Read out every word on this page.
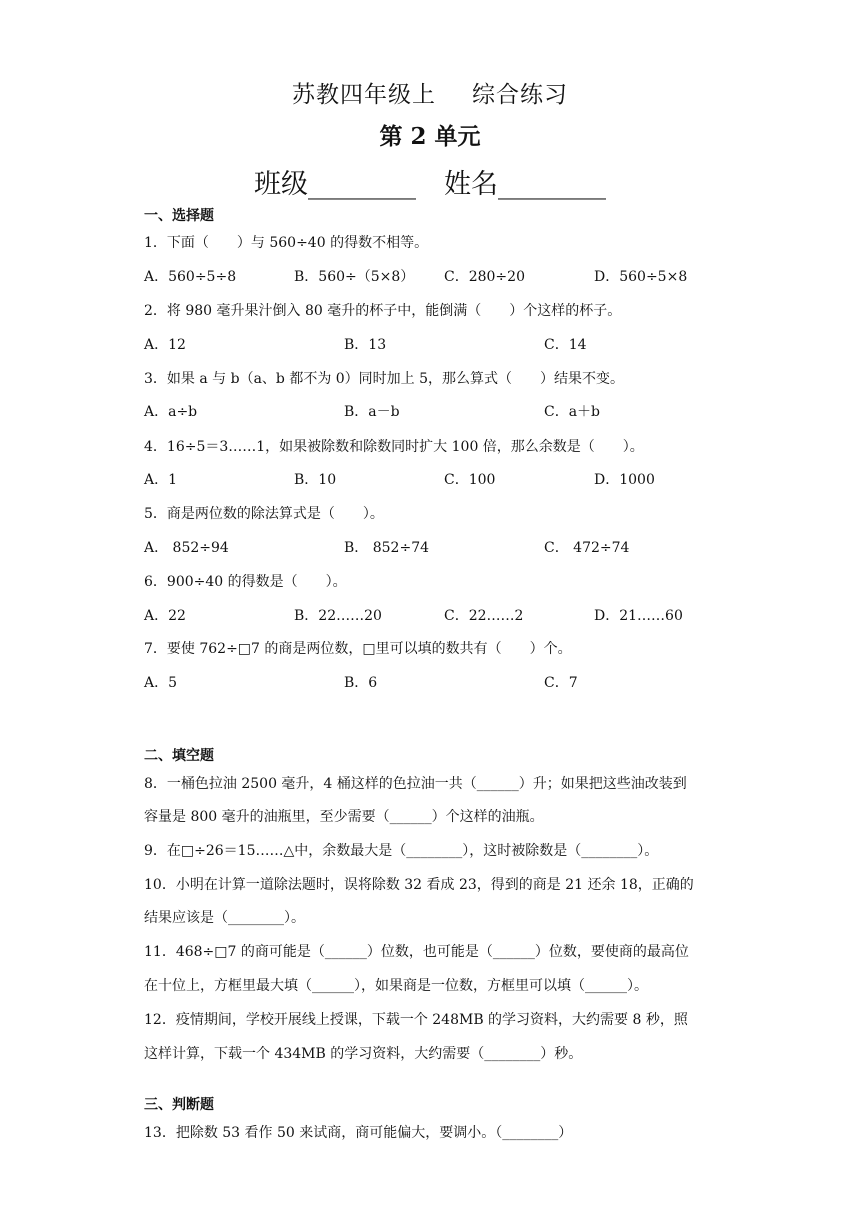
苏教四年级上 综合练习
第 2 单元
班级________ 姓名________
一、选择题
1．下面（　　）与 560÷40 的得数不相等。
A．560÷5÷8	B．560÷（5×8） C．280÷20	D．560÷5×8
2．将 980 毫升果汁倒入 80 毫升的杯子中，能倒满（　　）个这样的杯子。
A．12	B．13	C．14
3．如果 a 与 b（a、b 都不为 0）同时加上 5，那么算式（　　）结果不变。
A．a÷b	B．a－b	C．a＋b
4．16÷5＝3……1，如果被除数和除数同时扩大 100 倍，那么余数是（　　）。
A．1	B．10	C．100	D．1000
5．商是两位数的除法算式是（　　）。
A． 852÷94	B． 852÷74	C． 472÷74
6．900÷40 的得数是（　　）。
A．22	B．22……20	C．22……2	D．21……60
7．要使 762÷□7 的商是两位数，□里可以填的数共有（　　）个。
A．5	B．6	C．7
二、填空题
8．一桶色拉油 2500 毫升，4 桶这样的色拉油一共（______）升；如果把这些油改装到
容量是 800 毫升的油瓶里，至少需要（______）个这样的油瓶。
9．在□÷26＝15……△中，余数最大是（________），这时被除数是（________）。
10．小明在计算一道除法题时，误将除数 32 看成 23，得到的商是 21 还余 18，正确的
结果应该是（________）。
11．468÷□7 的商可能是（______）位数，也可能是（______）位数，要使商的最高位
在十位上，方框里最大填（______），如果商是一位数，方框里可以填（______）。
12．疫情期间，学校开展线上授课，下载一个 248MB 的学习资料，大约需要 8 秒，照
这样计算，下载一个 434MB 的学习资料，大约需要（________）秒。
三、判断题
13．把除数 53 看作 50 来试商，商可能偏大，要调小。（________）
